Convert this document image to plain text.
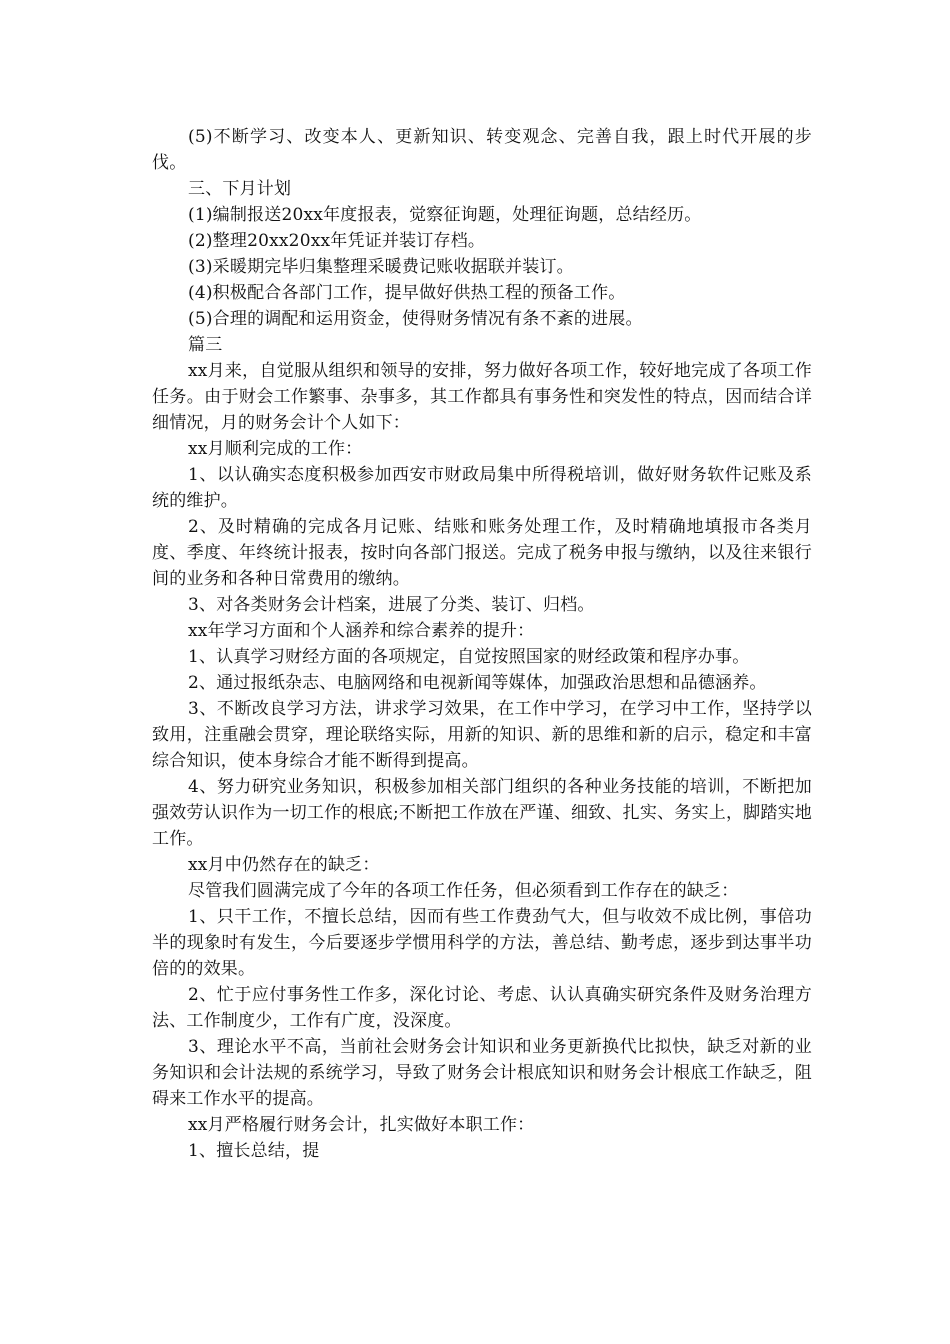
(5)不断学习、改变本人、更新知识、转变观念、完善自我，跟上时代开展的步伐。

三、下月计划

(1)编制报送20xx年度报表，觉察征询题，处理征询题，总结经历。

(2)整理20xx20xx年凭证并装订存档。

(3)采暖期完毕归集整理采暖费记账收据联并装订。

(4)积极配合各部门工作，提早做好供热工程的预备工作。

(5)合理的调配和运用资金，使得财务情况有条不紊的进展。

篇三

xx月来，自觉服从组织和领导的安排，努力做好各项工作，较好地完成了各项工作任务。由于财会工作繁事、杂事多，其工作都具有事务性和突发性的特点，因而结合详细情况，月的财务会计个人如下：

xx月顺利完成的工作：

1、以认确实态度积极参加西安市财政局集中所得税培训，做好财务软件记账及系统的维护。

2、及时精确的完成各月记账、结账和账务处理工作，及时精确地填报市各类月度、季度、年终统计报表，按时向各部门报送。完成了税务申报与缴纳，以及往来银行间的业务和各种日常费用的缴纳。

3、对各类财务会计档案，进展了分类、装订、归档。

xx年学习方面和个人涵养和综合素养的提升：

1、认真学习财经方面的各项规定，自觉按照国家的财经政策和程序办事。

2、通过报纸杂志、电脑网络和电视新闻等媒体，加强政治思想和品德涵养。

3、不断改良学习方法，讲求学习效果，在工作中学习，在学习中工作，坚持学以致用，注重融会贯穿，理论联络实际，用新的知识、新的思维和新的启示，稳定和丰富综合知识，使本身综合才能不断得到提高。

4、努力研究业务知识，积极参加相关部门组织的各种业务技能的培训，不断把加强效劳认识作为一切工作的根底;不断把工作放在严谨、细致、扎实、务实上，脚踏实地工作。

xx月中仍然存在的缺乏：

尽管我们圆满完成了今年的各项工作任务，但必须看到工作存在的缺乏：

1、只干工作，不擅长总结，因而有些工作费劲气大，但与收效不成比例，事倍功半的现象时有发生，今后要逐步学惯用科学的方法，善总结、勤考虑，逐步到达事半功倍的的效果。

2、忙于应付事务性工作多，深化讨论、考虑、认认真确实研究条件及财务治理方法、工作制度少，工作有广度，没深度。

3、理论水平不高，当前社会财务会计知识和业务更新换代比拟快，缺乏对新的业务知识和会计法规的系统学习，导致了财务会计根底知识和财务会计根底工作缺乏，阻碍来工作水平的提高。

xx月严格履行财务会计，扎实做好本职工作：

1、擅长总结，提
